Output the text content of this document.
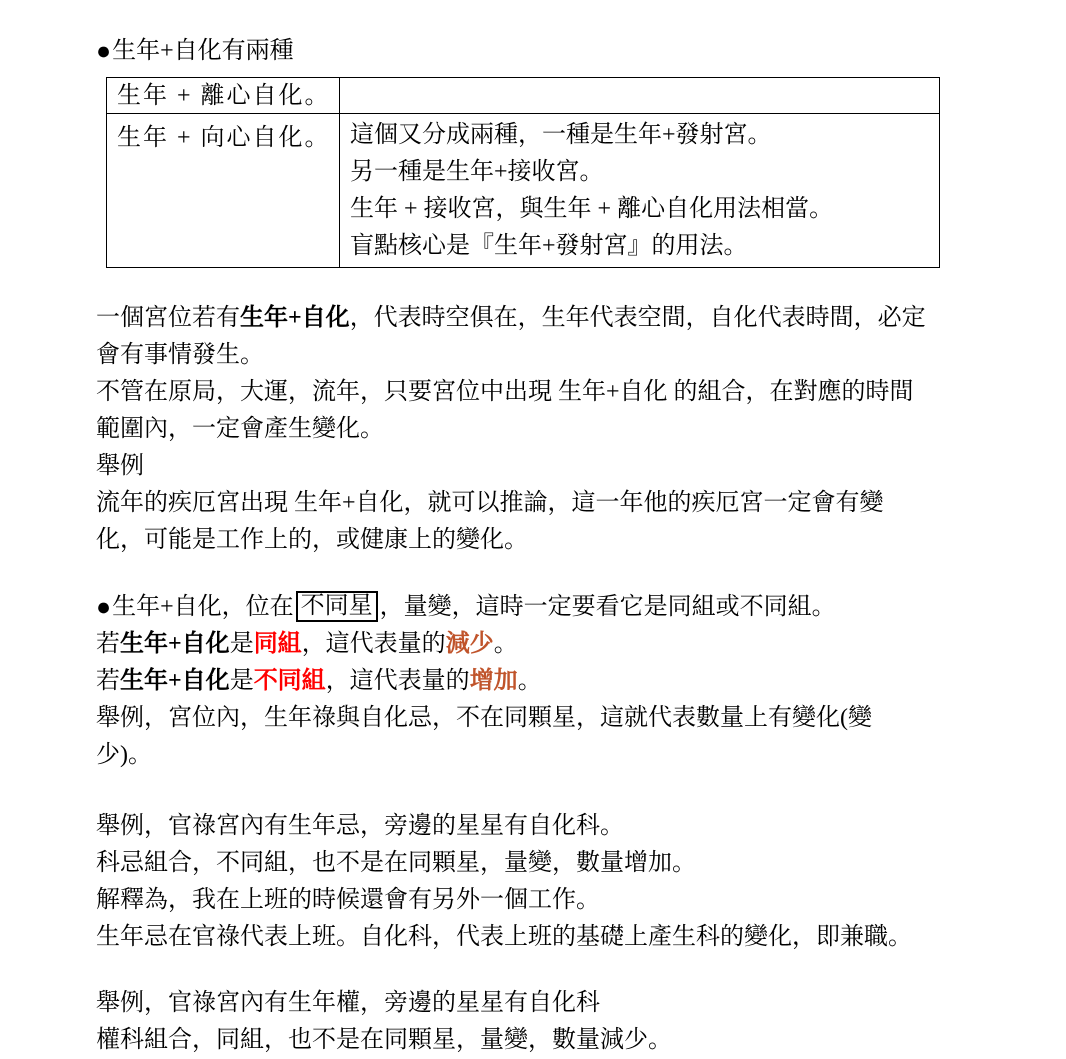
●生年+自化有兩種
生年 + 離心自化。	
生年 + 向心自化。	這個又分成兩種，一種是生年+發射宮。
另一種是生年+接收宮。
生年 + 接收宮，與生年 + 離心自化用法相當。
盲點核心是『生年+發射宮』的用法。
一個宮位若有生年+自化，代表時空俱在，生年代表空間，自化代表時間，必定
會有事情發生。
不管在原局，大運，流年，只要宮位中出現 生年+自化 的組合，在對應的時間
範圍內，一定會產生變化。
舉例
流年的疾厄宮出現 生年+自化，就可以推論，這一年他的疾厄宮一定會有變
化，可能是工作上的，或健康上的變化。
●生年+自化，位在 不同星 ，量變，這時一定要看它是同組或不同組。
若生年+自化是同組，這代表量的減少。
若生年+自化是不同組，這代表量的增加。
舉例，宮位內，生年祿與自化忌，不在同顆星，這就代表數量上有變化(變
少)。
舉例，官祿宮內有生年忌，旁邊的星星有自化科。
科忌組合，不同組，也不是在同顆星，量變，數量增加。
解釋為，我在上班的時候還會有另外一個工作。
生年忌在官祿代表上班。自化科，代表上班的基礎上產生科的變化，即兼職。
舉例，官祿宮內有生年權，旁邊的星星有自化科
權科組合，同組，也不是在同顆星，量變，數量減少。
